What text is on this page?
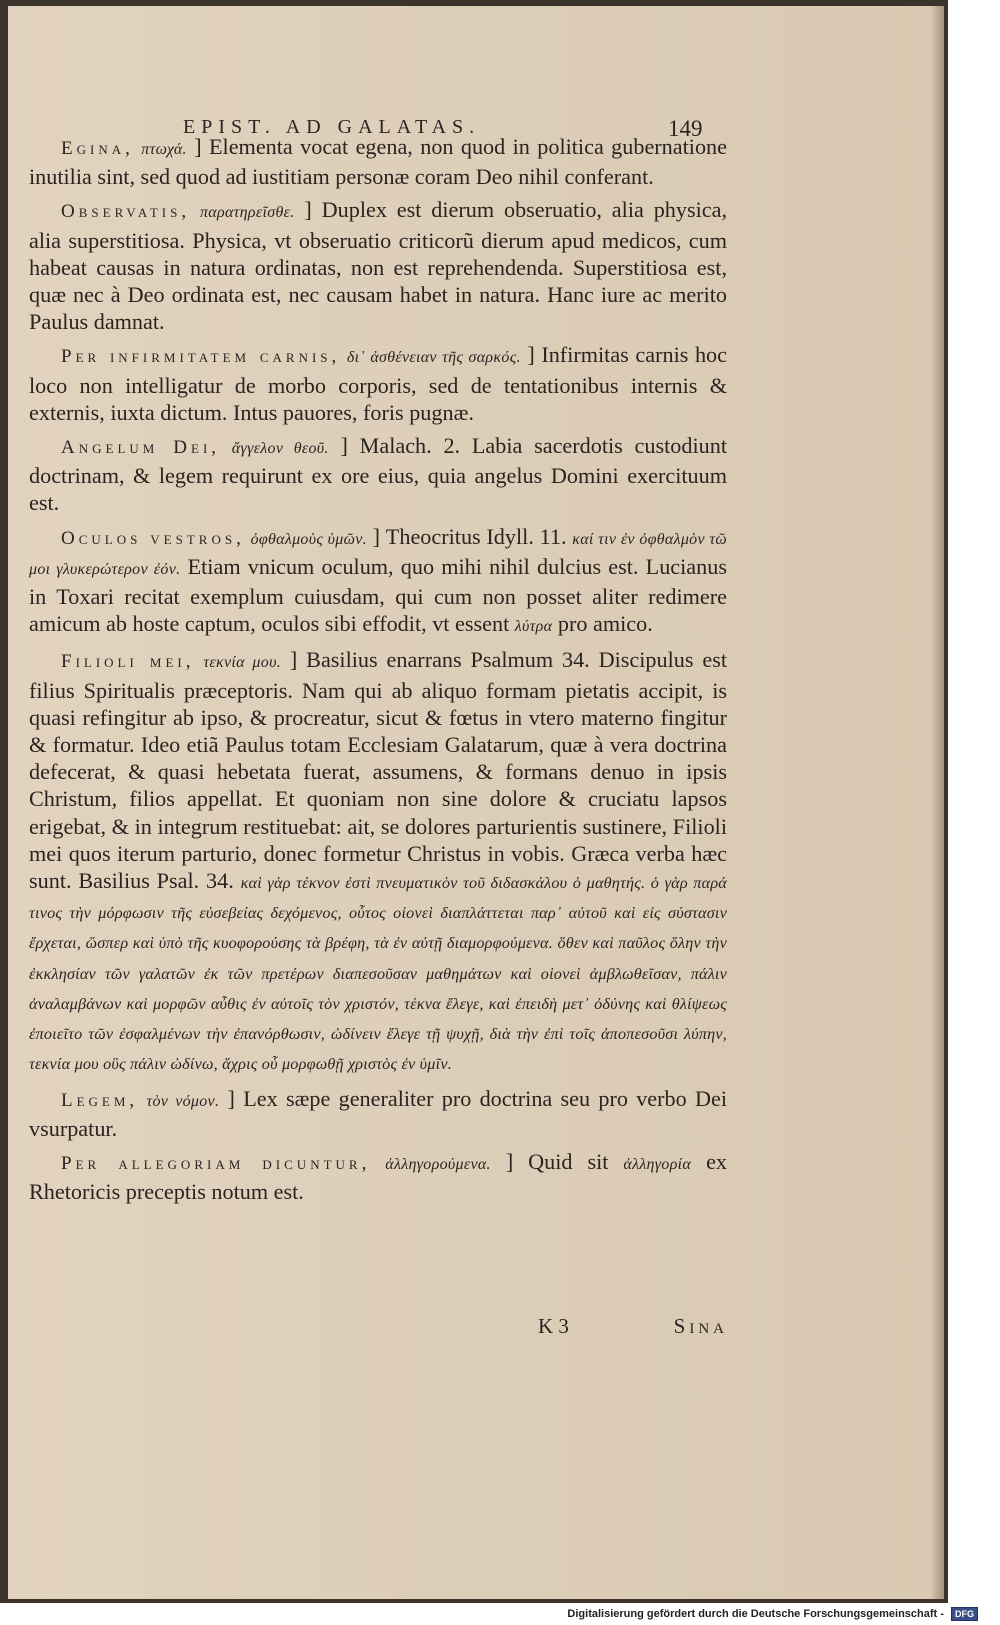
EPIST. AD GALATAS.	149

Egina, πτωχά. ] Elementa vocat egena, non quod in politica gubernatione inutilia sint, sed quod ad iustitiam personæ coram Deo nihil conferant.

Observatis, παρατηρεῖσθε. ] Duplex est dierum obseruatio, alia physica, alia superstitiosa. Physica, vt obseruatio criticorũ dierum apud medicos, cum habeat causas in natura ordinatas, non est reprehendenda. Superstitiosa est, quæ nec à Deo ordinata est, nec causam habet in natura. Hanc iure ac merito Paulus damnat.

Per infirmitatem carnis, δι᾽ ἀσθένειαν τῆς σαρκός. ] Infirmitas carnis hoc loco non intelligatur de morbo corporis, sed de tentationibus internis & externis, iuxta dictum. Intus pauores, foris pugnæ.

Angelum Dei, ἄγγελον θεοῦ. ] Malach. 2. Labia sacerdotis custodiunt doctrinam, & legem requirunt ex ore eius, quia angelus Domini exercituum est.

Oculos vestros, ὀφθαλμοὺς ὑμῶν. ] Theocritus Idyll. 11. καί τιν ἐν ὀφθαλμὸν τῶ μοι γλυκερώτερον ἐόν. Etiam vnicum oculum, quo mihi nihil dulcius est. Lucianus in Toxari recitat exemplum cuiusdam, qui cum non posset aliter redimere amicum ab hoste captum, oculos sibi effodit, vt essent λύτρα pro amico.

Filioli mei, τεκνία μου. ] Basilius enarrans Psalmum 34. Discipulus est filius Spiritualis præceptoris. Nam qui ab aliquo formam pietatis accipit, is quasi refingitur ab ipso, & procreatur, sicut & fœtus in vtero materno fingitur & formatur. Ideo etiã Paulus totam Ecclesiam Galatarum, quæ à vera doctrina defecerat, & quasi hebetata fuerat, assumens, & formans denuo in ipsis Christum, filios appellat. Et quoniam non sine dolore & cruciatu lapsos erigebat, & in integrum restituebat: ait, se dolores parturientis sustinere, Filioli mei quos iterum parturio, donec formetur Christus in vobis. Græca verba hæc sunt. Basilius Psal. 34. καὶ γὰρ τέκνον ἐστὶ πνευματικὸν τοῦ διδασκάλου ὁ μαθητής. ὁ γὰρ παρά τινος τὴν μόρφωσιν τῆς εὐσεβείας δεχόμενος, οὗτος οἱονεὶ διαπλάττεται παρ᾽ αὐτοῦ καὶ εἰς σύστασιν ἔρχεται, ὥσπερ καὶ ὑπὸ τῆς κυοφορούσης τὰ βρέφη, τὰ ἐν αὐτῇ διαμορφούμενα. ὅθεν καὶ παῦλος ὅλην τὴν ἐκκλησίαν τῶν γαλατῶν ἐκ τῶν πρετέρων διαπεσοῦσαν μαθημάτων καὶ οἱονεὶ ἀμβλωθεῖσαν, πάλιν ἀναλαμβάνων καὶ μορφῶν αὖθις ἐν αὐτοῖς τὸν χριστόν, τέκνα ἔλεγε, καὶ ἐπειδὴ μετ᾽ ὀδύνης καὶ θλίψεως ἐποιεῖτο τῶν ἐσφαλμένων τὴν ἐπανόρθωσιν, ὠδίνειν ἔλεγε τῇ ψυχῇ, διὰ τὴν ἐπὶ τοῖς ἀποπεσοῦσι λύπην, τεκνία μου οὓς πάλιν ὠδίνω, ἄχρις οὗ μορφωθῇ χριστὸς ἐν ὑμῖν.

Legem, τὸν νόμον. ] Lex sæpe generaliter pro doctrina seu pro verbo Dei vsurpatur.

Per allegoriam dicuntur, ἀλληγορούμενα. ] Quid sit ἀλληγορία ex Rhetoricis preceptis notum est.

K 3	Sina
Digitalisierung gefördert durch die Deutsche Forschungsgemeinschaft - DFG
